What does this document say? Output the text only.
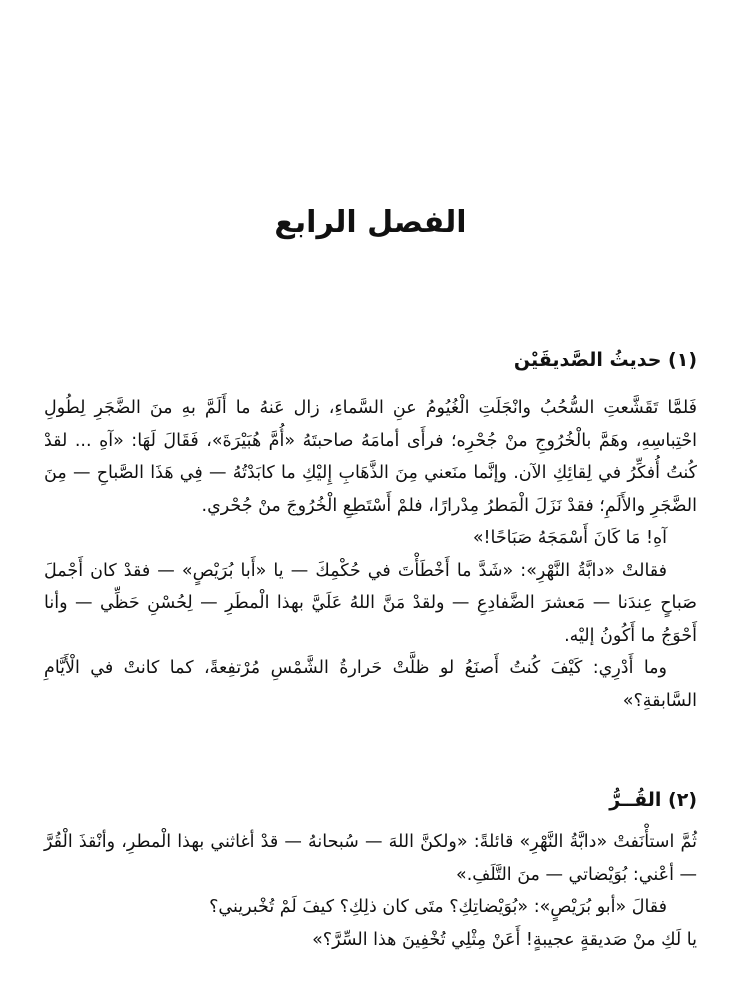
الفصل الرابع
(١) حديثُ الصَّديقَيْن

فَلمَّا تَقَشَّعتِ السُّحُبُ وانْجَلَتِ الْغُيُومُ عنِ السَّماءِ، زال عَنهُ ما أَلَمَّ بهِ منَ الضَّجَرِ لِطُولِ احْتِباسِهِ، وهَمَّ بالْخُرُوجِ منْ جُحْرِه؛ فرأَى أمامَهُ صاحبتَهُ «أُمَّ هُبَيْرَةَ»، فَقَالَ لَهَا: «آهِ ... لقدْ كُنتُ أُفكِّرُ في لِقائِكِ الآن. وإنَّما منَعني مِنَ الذَّهَابِ إِليْكِ ما كابَدْتُهُ — فِي هَذَا الصَّباحِ — مِنَ الضَّجَرِ والأَلَمِ؛ فقدْ نَزَلَ الْمَطرُ مِدْرارًا، فلمْ أَسْتَطِعِ الْخُرُوجَ منْ جُحْري.

آهِ! مَا كَانَ أَسْمَجَهُ صَبَاحًا!»

فقالتْ «دابَّةُ النَّهْرِ»: «شَدَّ ما أَخْطَأْتَ في حُكْمِكَ — يا «أَبا بُرَيْصٍ» — فقدْ كان أَجْملَ صَباحٍ عِندَنا — مَعشرَ الضَّفادِعِ — ولقدْ مَنَّ اللهُ عَلَيَّ بهذا الْمطَرِ — لِحُسْنِ حَظِّي — وأنا أَحْوَجُ ما أَكُونُ إليْه.

وما أَدْرِي: كَيْفَ كُنتُ أَصنَعُ لو ظلَّتْ حَرارةُ الشَّمْسِ مُرْتفِعةً، كما كانتْ في الْأَيَّامِ السَّابقةِ؟»

(٢) القُــرُّ

ثُمَّ استأْنَفتْ «دابَّةُ النَّهْرِ» قائلةً: «ولكنَّ اللهَ — سُبحانهُ — قدْ أغاثني بهذا الْمطرِ، وأنْقذَ الْقُرَّ — أعْني: بُوَيْضاتي — منَ التَّلَفِ.»

فقالَ «أبو بُرَيْصٍ»: «بُوَيْضاتِكِ؟ متَى كان ذلِكِ؟ كيفَ لَمْ تُخْبريني؟

يا لَكِ منْ صَديقةٍ عجيبةٍ! أَعَنْ مِثْلِي تُخْفِينَ هذا السِّرَّ؟»
